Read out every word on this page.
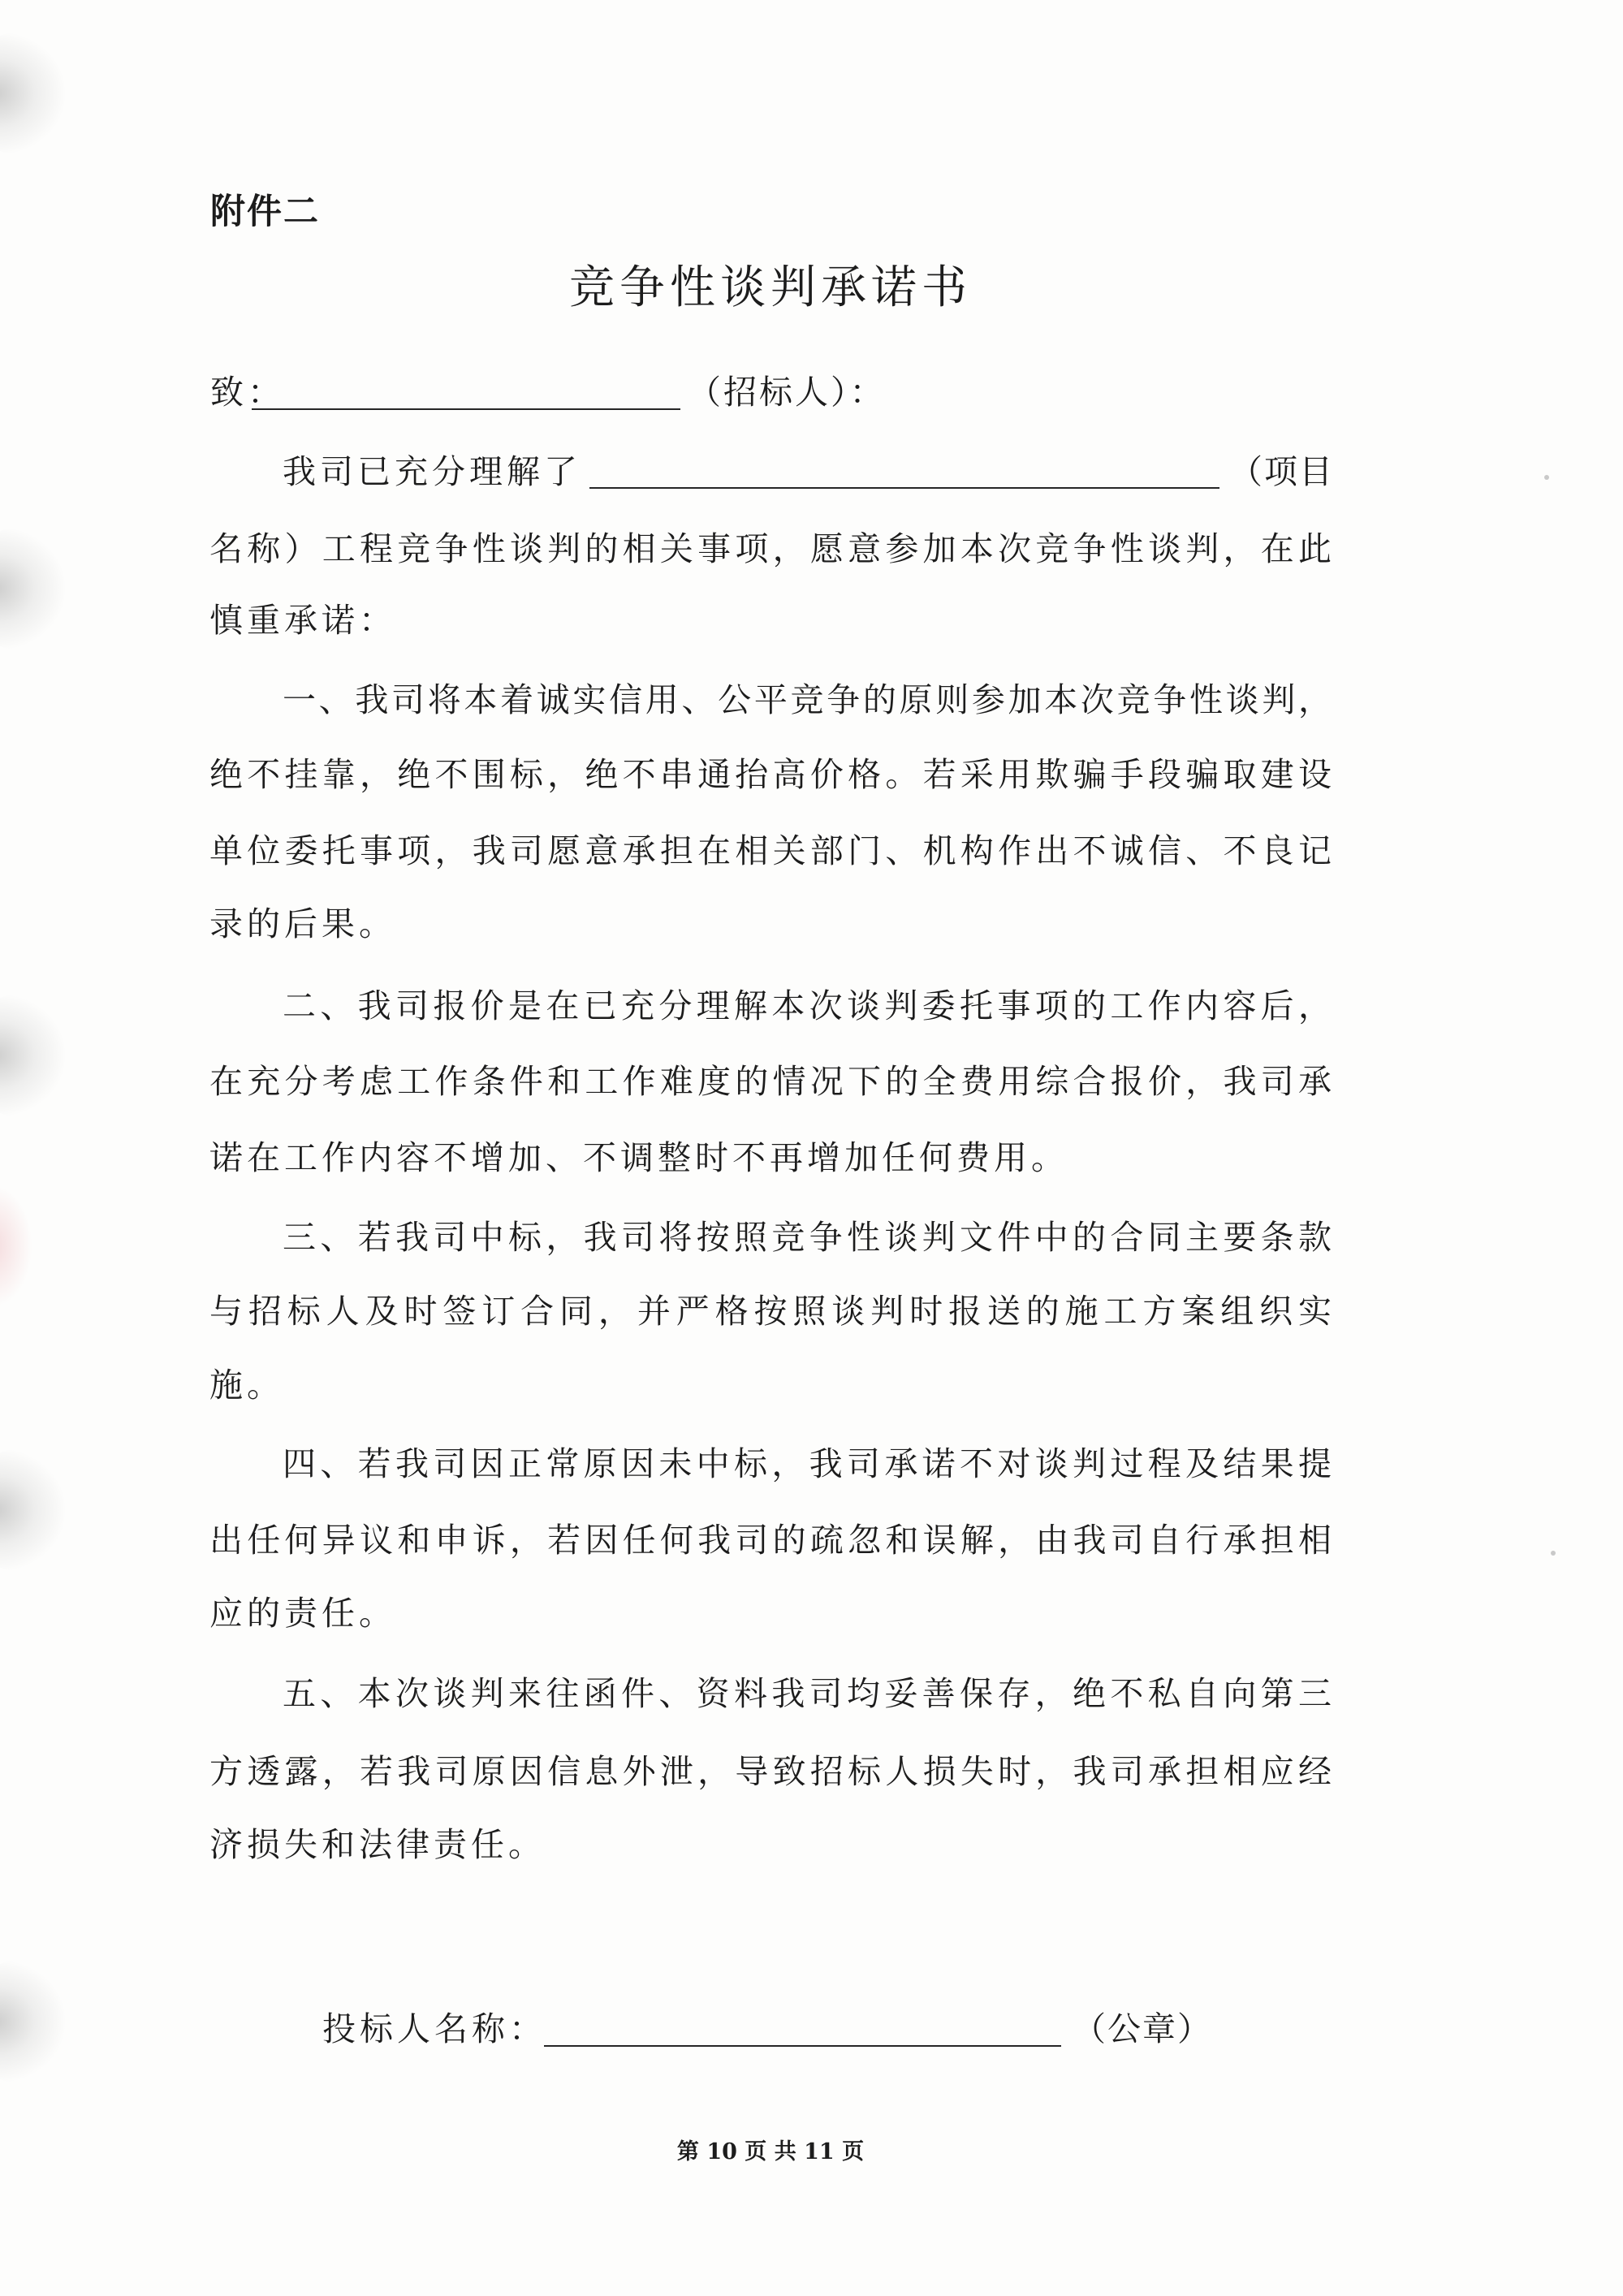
附件二
竞争性谈判承诺书
致：	（招标人）：
我司已充分理解了	（项目
名称）工程竞争性谈判的相关事项，愿意参加本次竞争性谈判，在此
慎重承诺：
一、我司将本着诚实信用、公平竞争的原则参加本次竞争性谈判，
绝不挂靠，绝不围标，绝不串通抬高价格。若采用欺骗手段骗取建设
单位委托事项，我司愿意承担在相关部门、机构作出不诚信、不良记
录的后果。
二、我司报价是在已充分理解本次谈判委托事项的工作内容后，
在充分考虑工作条件和工作难度的情况下的全费用综合报价，我司承
诺在工作内容不增加、不调整时不再增加任何费用。
三、若我司中标，我司将按照竞争性谈判文件中的合同主要条款
与招标人及时签订合同，并严格按照谈判时报送的施工方案组织实
施。
四、若我司因正常原因未中标，我司承诺不对谈判过程及结果提
出任何异议和申诉，若因任何我司的疏忽和误解，由我司自行承担相
应的责任。
五、本次谈判来往函件、资料我司均妥善保存，绝不私自向第三
方透露，若我司原因信息外泄，导致招标人损失时，我司承担相应经
济损失和法律责任。
投标人名称：	（公章）
第 10 页 共 11 页
